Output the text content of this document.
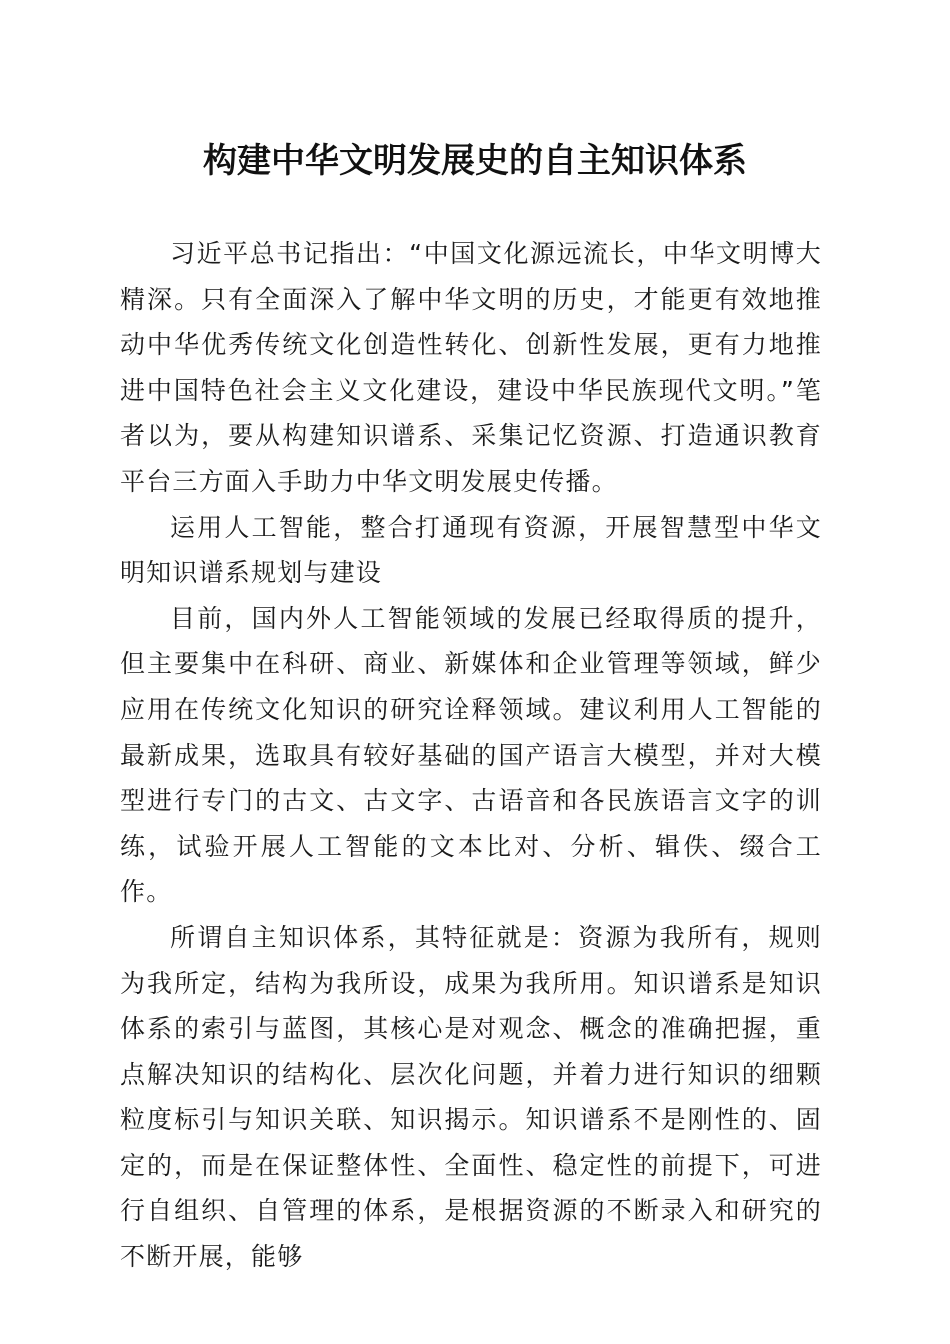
构建中华文明发展史的自主知识体系

习近平总书记指出：“中国文化源远流长，中华文明博大精深。只有全面深入了解中华文明的历史，才能更有效地推动中华优秀传统文化创造性转化、创新性发展，更有力地推进中国特色社会主义文化建设，建设中华民族现代文明。”笔者以为，要从构建知识谱系、采集记忆资源、打造通识教育平台三方面入手助力中华文明发展史传播。

运用人工智能，整合打通现有资源，开展智慧型中华文明知识谱系规划与建设

目前，国内外人工智能领域的发展已经取得质的提升，但主要集中在科研、商业、新媒体和企业管理等领域，鲜少应用在传统文化知识的研究诠释领域。建议利用人工智能的最新成果，选取具有较好基础的国产语言大模型，并对大模型进行专门的古文、古文字、古语音和各民族语言文字的训练，试验开展人工智能的文本比对、分析、辑佚、缀合工作。

所谓自主知识体系，其特征就是：资源为我所有，规则为我所定，结构为我所设，成果为我所用。知识谱系是知识体系的索引与蓝图，其核心是对观念、概念的准确把握，重点解决知识的结构化、层次化问题，并着力进行知识的细颗粒度标引与知识关联、知识揭示。知识谱系不是刚性的、固定的，而是在保证整体性、全面性、稳定性的前提下，可进行自组织、自管理的体系，是根据资源的不断录入和研究的不断开展，能够
